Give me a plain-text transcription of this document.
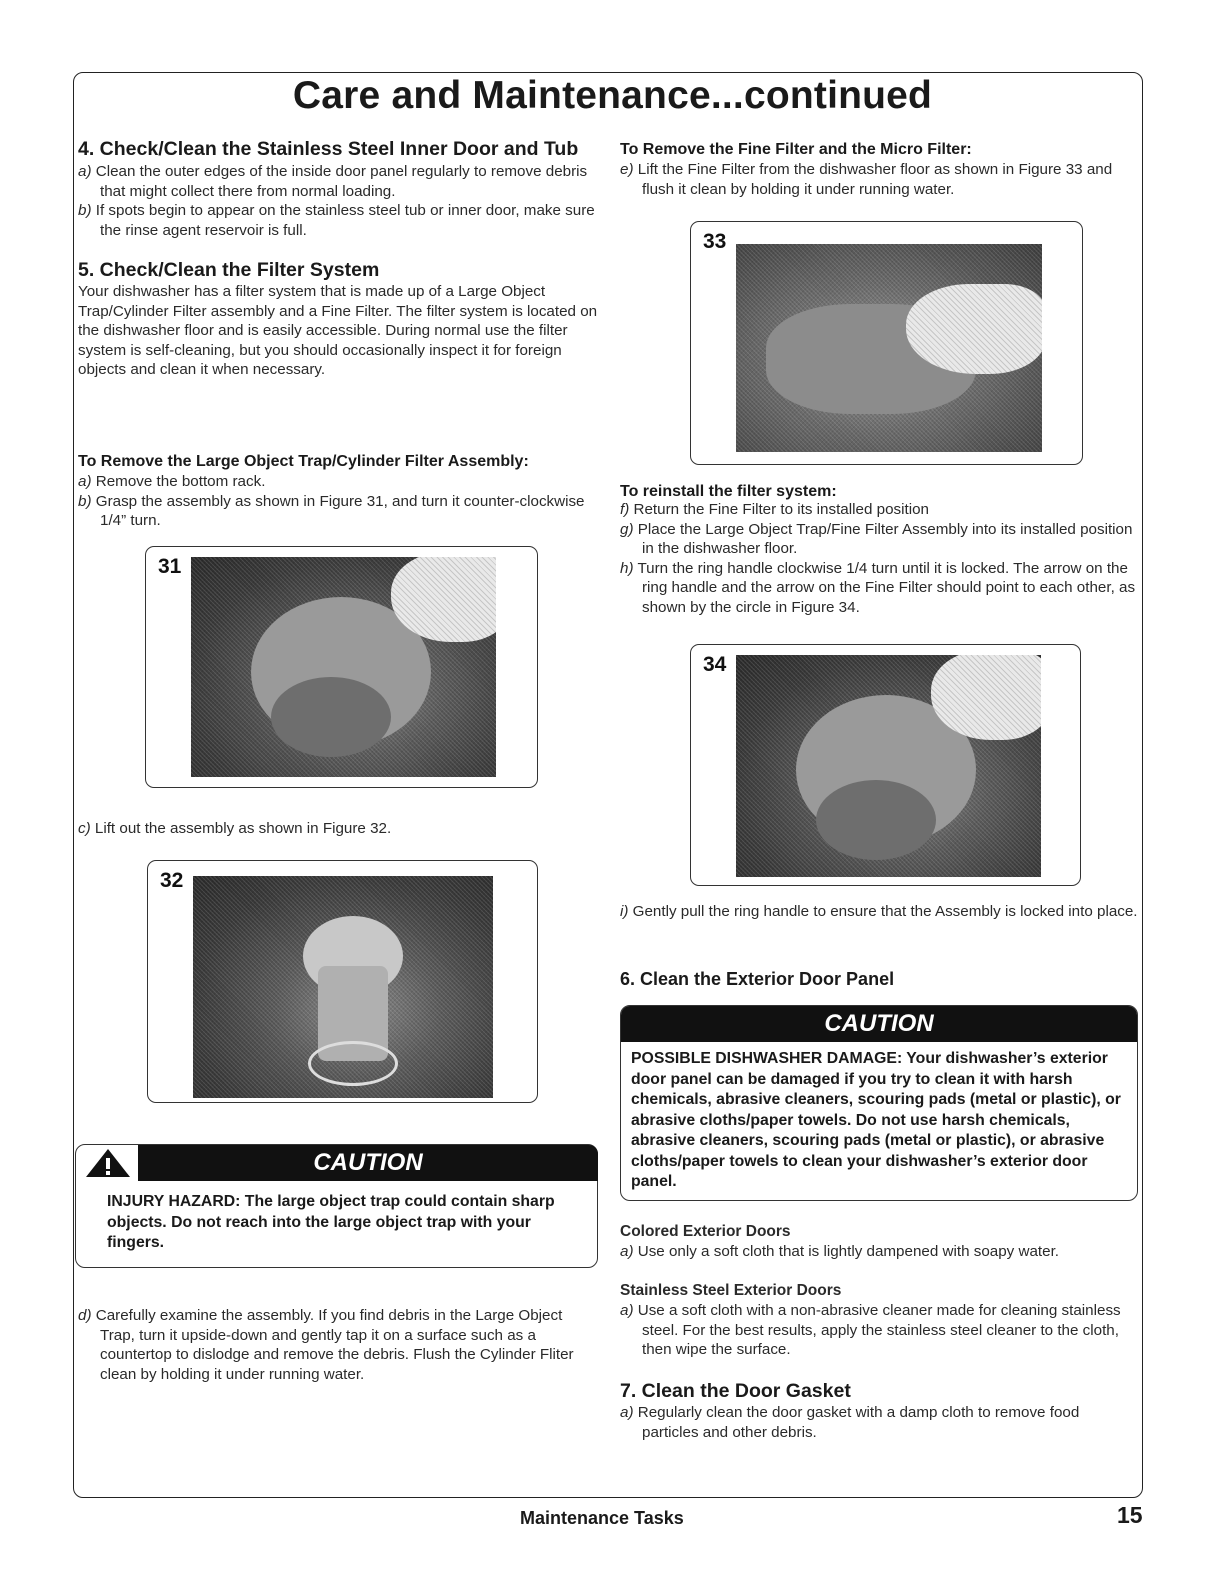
Care and Maintenance...continued
4. Check/Clean the Stainless Steel Inner Door and Tub

a) Clean the outer edges of the inside door panel regularly to remove debris that might collect there from normal loading.

b) If spots begin to appear on the stainless steel tub or inner door, make sure the rinse agent reservoir is full.

5. Check/Clean the Filter System
Your dishwasher has a filter system that is made up of a Large Object Trap/Cylinder Filter assembly and a Fine Filter. The filter system is located on the dishwasher floor and is easily accessible. During normal use the filter system is self-cleaning, but you should occasionally inspect it for foreign objects and clean it when necessary.
To Remove the Large Object Trap/Cylinder Filter Assembly:

a) Remove the bottom rack.

b) Grasp the assembly as shown in Figure 31, and turn it counter-clockwise 1/4” turn.

31

c) Lift out the assembly as shown in Figure 32.

32
CAUTION
INJURY HAZARD: The large object trap could contain sharp objects. Do not reach into the large object trap with your fingers.

d) Carefully examine the assembly. If you find debris in the Large Object Trap, turn it upside-down and gently tap it on a surface such as a countertop to dislodge and remove the debris. Flush the Cylinder Fliter clean by holding it under running water.

To Remove the Fine Filter and the Micro Filter:

e) Lift the Fine Filter from the dishwasher floor as shown in Figure 33 and flush it clean by holding it under running water.

33
To reinstall the filter system:

f) Return the Fine Filter to its installed position

g) Place the Large Object Trap/Fine Filter Assembly into its installed position in the dishwasher floor.

h) Turn the ring handle clockwise 1/4 turn until it is locked. The arrow on the ring handle and the arrow on the Fine Filter should point to each other, as shown by the circle in Figure 34.

34

i) Gently pull the ring handle to ensure that the Assembly is locked into place.

6. Clean the Exterior Door Panel
CAUTION
POSSIBLE DISHWASHER DAMAGE: Your dishwasher’s exterior door panel can be damaged if you try to clean it with harsh chemicals, abrasive cleaners, scouring pads (metal or plastic), or abrasive cloths/paper towels. Do not use harsh chemicals, abrasive cleaners, scouring pads (metal or plastic), or abrasive cloths/paper towels to clean your dishwasher’s exterior door panel.
Colored Exterior Doors

a) Use only a soft cloth that is lightly dampened with soapy water.

Stainless Steel Exterior Doors

a) Use a soft cloth with a non-abrasive cleaner made for cleaning stainless steel. For the best results, apply the stainless steel cleaner to the cloth, then wipe the surface.

7. Clean the Door Gasket

a) Regularly clean the door gasket with a damp cloth to remove food particles and other debris.

Maintenance Tasks	15
